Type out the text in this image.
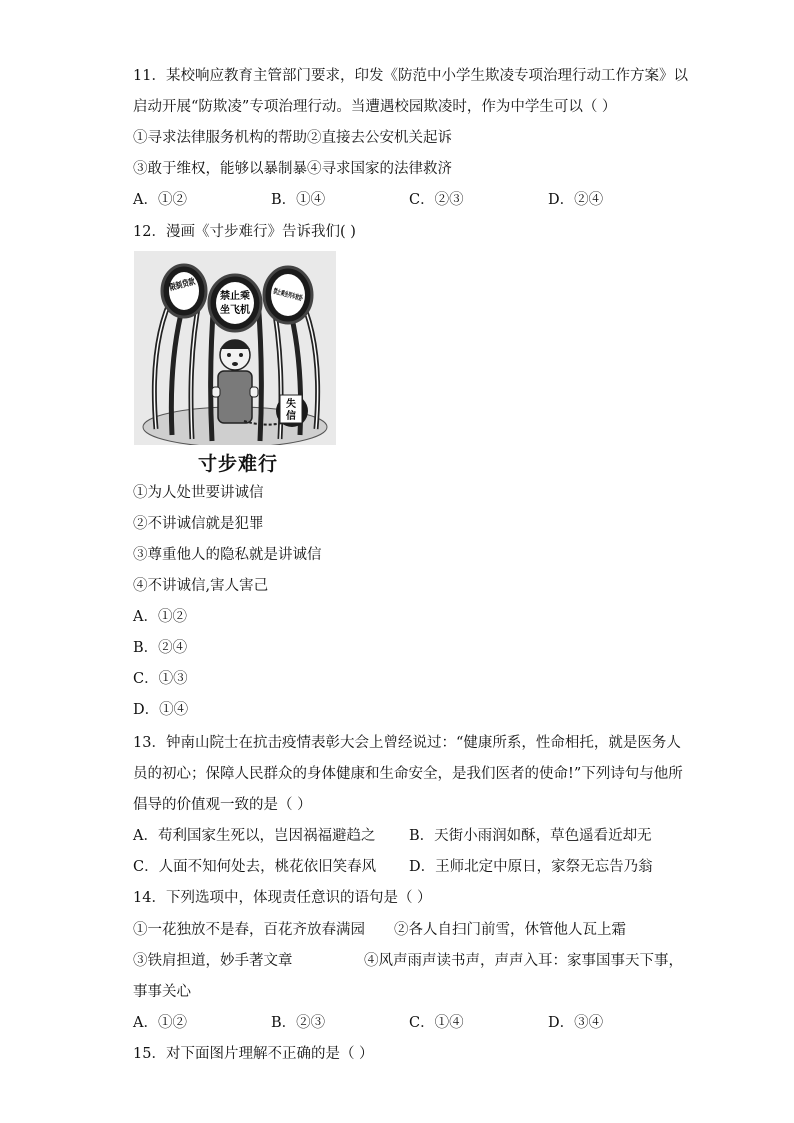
11．某校响应教育主管部门要求，印发《防范中小学生欺凌专项治理行动工作方案》以

启动开展“防欺凌”专项治理行动。当遭遇校园欺凌时，作为中学生可以（ ）

①寻求法律服务机构的帮助②直接去公安机关起诉

③敢于维权，能够以暴制暴④寻求国家的法律救济

A．①②	B．①④	C．②③	D．②④

12．漫画《寸步难行》告诉我们( )

失
信
限制贷款
禁止乘
坐飞机
禁止乘坐列车软卧
寸步难行

①为人处世要讲诚信

②不讲诚信就是犯罪

③尊重他人的隐私就是讲诚信

④不讲诚信,害人害己

A．①②

B．②④

C．①③

D．①④

13．钟南山院士在抗击疫情表彰大会上曾经说过：“健康所系，性命相托，就是医务人

员的初心；保障人民群众的身体健康和生命安全，是我们医者的使命!”下列诗句与他所

倡导的价值观一致的是（ ）

A．苟利国家生死以，岂因祸福避趋之 B．天街小雨润如酥，草色遥看近却无
C．人面不知何处去，桃花依旧笑春风 D．王师北定中原日，家祭无忘告乃翁

14．下列选项中，体现责任意识的语句是（ ）

①一花独放不是春，百花齐放春满园 ②各人自扫门前雪，休管他人瓦上霜
③铁肩担道，妙手著文章	④风声雨声读书声，声声入耳：家事国事天下事，

事事关心

A．①②	B．②③	C．①④	D．③④

15．对下面图片理解不正确的是（ ）
